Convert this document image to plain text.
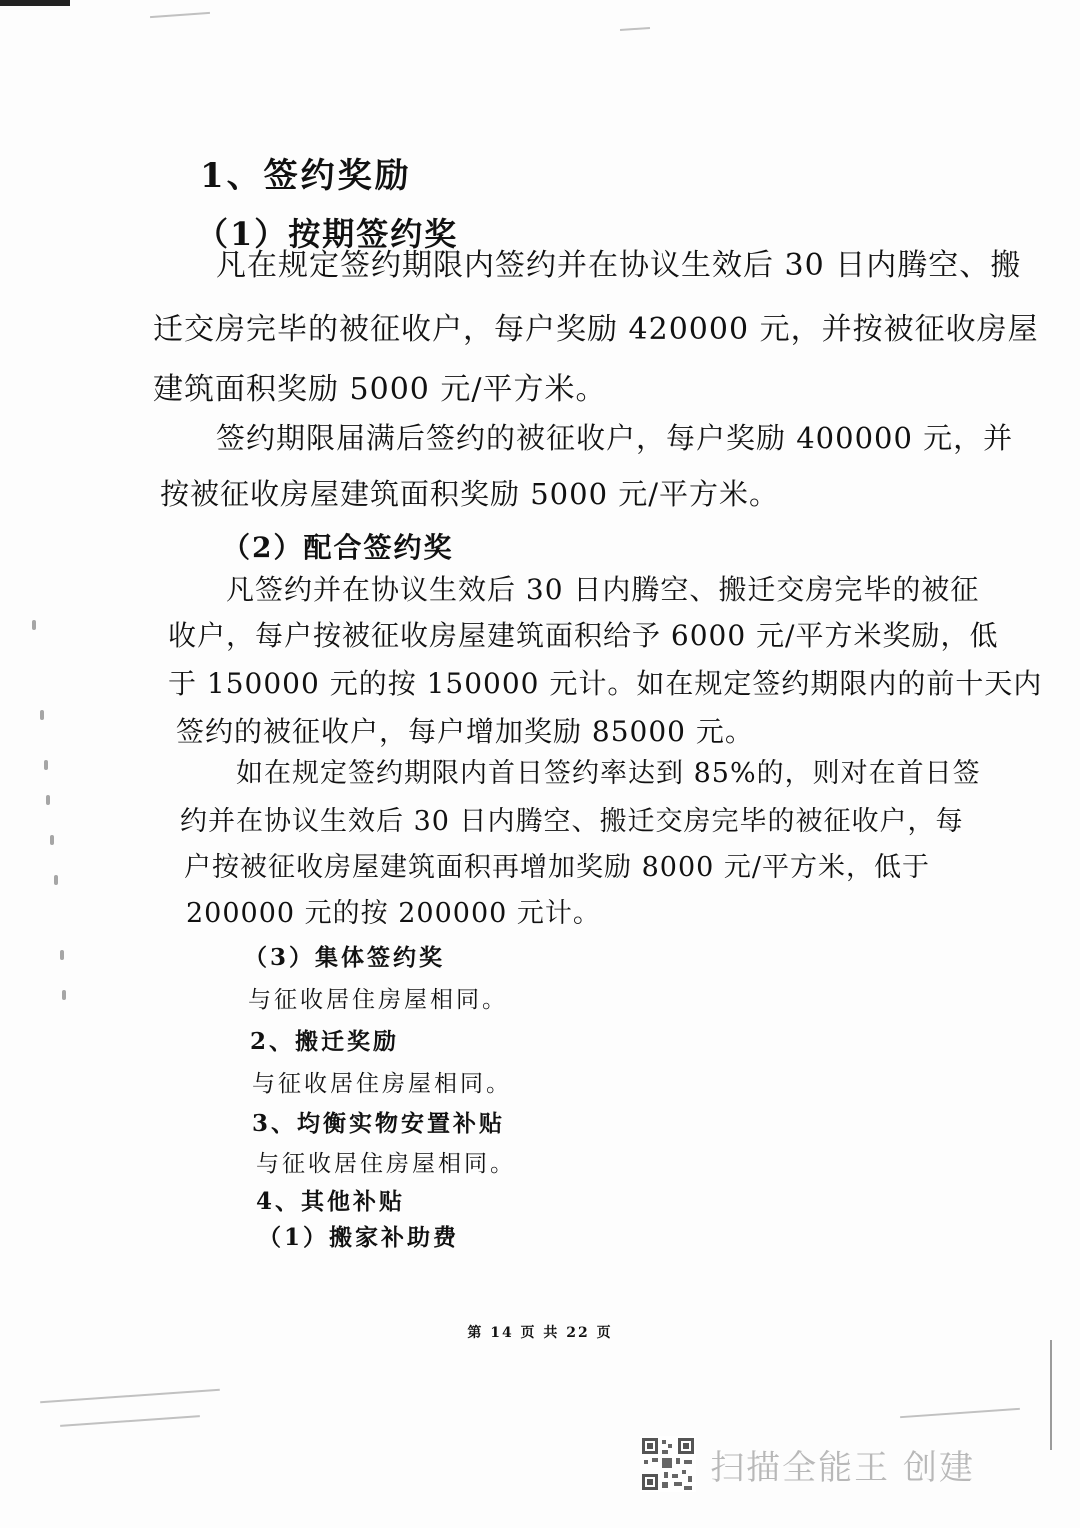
1、签约奖励
（1）按期签约奖
凡在规定签约期限内签约并在协议生效后 30 日内腾空、搬
迁交房完毕的被征收户，每户奖励 420000 元，并按被征收房屋
建筑面积奖励 5000 元/平方米。
签约期限届满后签约的被征收户，每户奖励 400000 元，并
按被征收房屋建筑面积奖励 5000 元/平方米。
（2）配合签约奖
凡签约并在协议生效后 30 日内腾空、搬迁交房完毕的被征
收户，每户按被征收房屋建筑面积给予 6000 元/平方米奖励，低
于 150000 元的按 150000 元计。如在规定签约期限内的前十天内
签约的被征收户，每户增加奖励 85000 元。
如在规定签约期限内首日签约率达到 85%的，则对在首日签
约并在协议生效后 30 日内腾空、搬迁交房完毕的被征收户，每
户按被征收房屋建筑面积再增加奖励 8000 元/平方米，低于
200000 元的按 200000 元计。
（3）集体签约奖
与征收居住房屋相同。
2、搬迁奖励
与征收居住房屋相同。
3、均衡实物安置补贴
与征收居住房屋相同。
4、其他补贴
（1）搬家补助费
第 14 页 共 22 页
扫描全能王 创建
